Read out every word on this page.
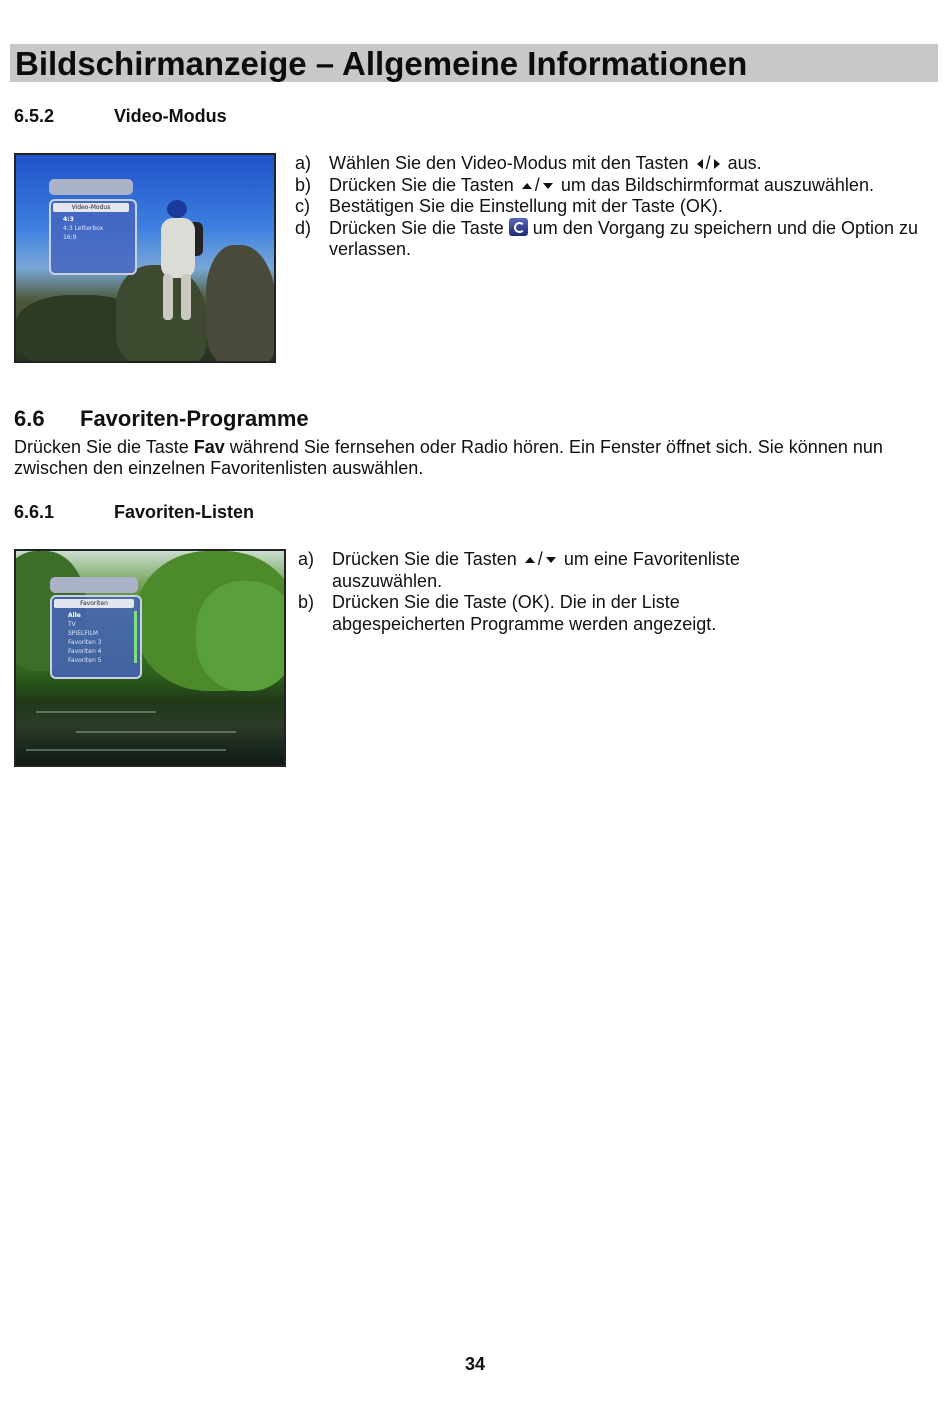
Bildschirmanzeige – Allgemeine Informationen
6.5.2	Video-Modus
Video-Modus
4:3
4:3 Letterbox
16:9
a) Wählen Sie den Video-Modus mit den Tasten / aus.
b) Drücken Sie die Tasten / um das Bildschirmformat auszuwählen.
c) Bestätigen Sie die Einstellung mit der Taste (OK).
d) Drücken Sie die Taste um den Vorgang zu speichern und die Option zu verlassen.
6.6 Favoriten-Programme
Drücken Sie die Taste Fav während Sie fernsehen oder Radio hören. Ein Fenster öffnet sich. Sie können nun zwischen den einzelnen Favoritenlisten auswählen.
6.6.1	Favoriten-Listen
Favoriten
Alle
TV
SPIELFILM
Favoriten 3
Favoriten 4
Favoriten 5
a) Drücken Sie die Tasten / um eine Favoritenliste auszuwählen.
b) Drücken Sie die Taste (OK). Die in der Liste abgespeicherten Programme werden angezeigt.
34
